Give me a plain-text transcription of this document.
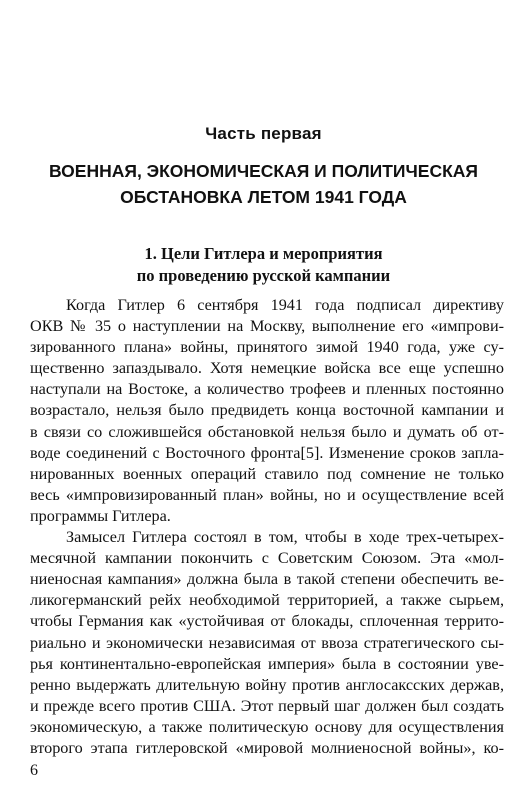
Часть первая
ВОЕННАЯ, ЭКОНОМИЧЕСКАЯ И ПОЛИТИЧЕСКАЯ
ОБСТАНОВКА ЛЕТОМ 1941 ГОДА
1. Цели Гитлера и мероприятия
по проведению русской кампании
Когда Гитлер 6 сентября 1941 года подписал директиву
ОКВ № 35 о наступлении на Москву, выполнение его «импрови-
зированного плана» войны, принятого зимой 1940 года, уже су-
щественно запаздывало. Хотя немецкие войска все еще успешно
наступали на Востоке, а количество трофеев и пленных постоянно
возрастало, нельзя было предвидеть конца восточной кампании и
в связи со сложившейся обстановкой нельзя было и думать об от-
воде соединений с Восточного фронта[5]. Изменение сроков запла-
нированных военных операций ставило под сомнение не только
весь «импровизированный план» войны, но и осуществление всей
программы Гитлера.
Замысел Гитлера состоял в том, чтобы в ходе трех-четырех-
месячной кампании покончить с Советским Союзом. Эта «мол-
ниеносная кампания» должна была в такой степени обеспечить ве-
ликогерманский рейх необходимой территорией, а также сырьем,
чтобы Германия как «устойчивая от блокады, сплоченная террито-
риально и экономически независимая от ввоза стратегического сы-
рья континентально-европейская империя» была в состоянии уве-
ренно выдержать длительную войну против англосаксских держав,
и прежде всего против США. Этот первый шаг должен был создать
экономическую, а также политическую основу для осуществления
второго этапа гитлеровской «мировой молниеносной войны», ко-
6
